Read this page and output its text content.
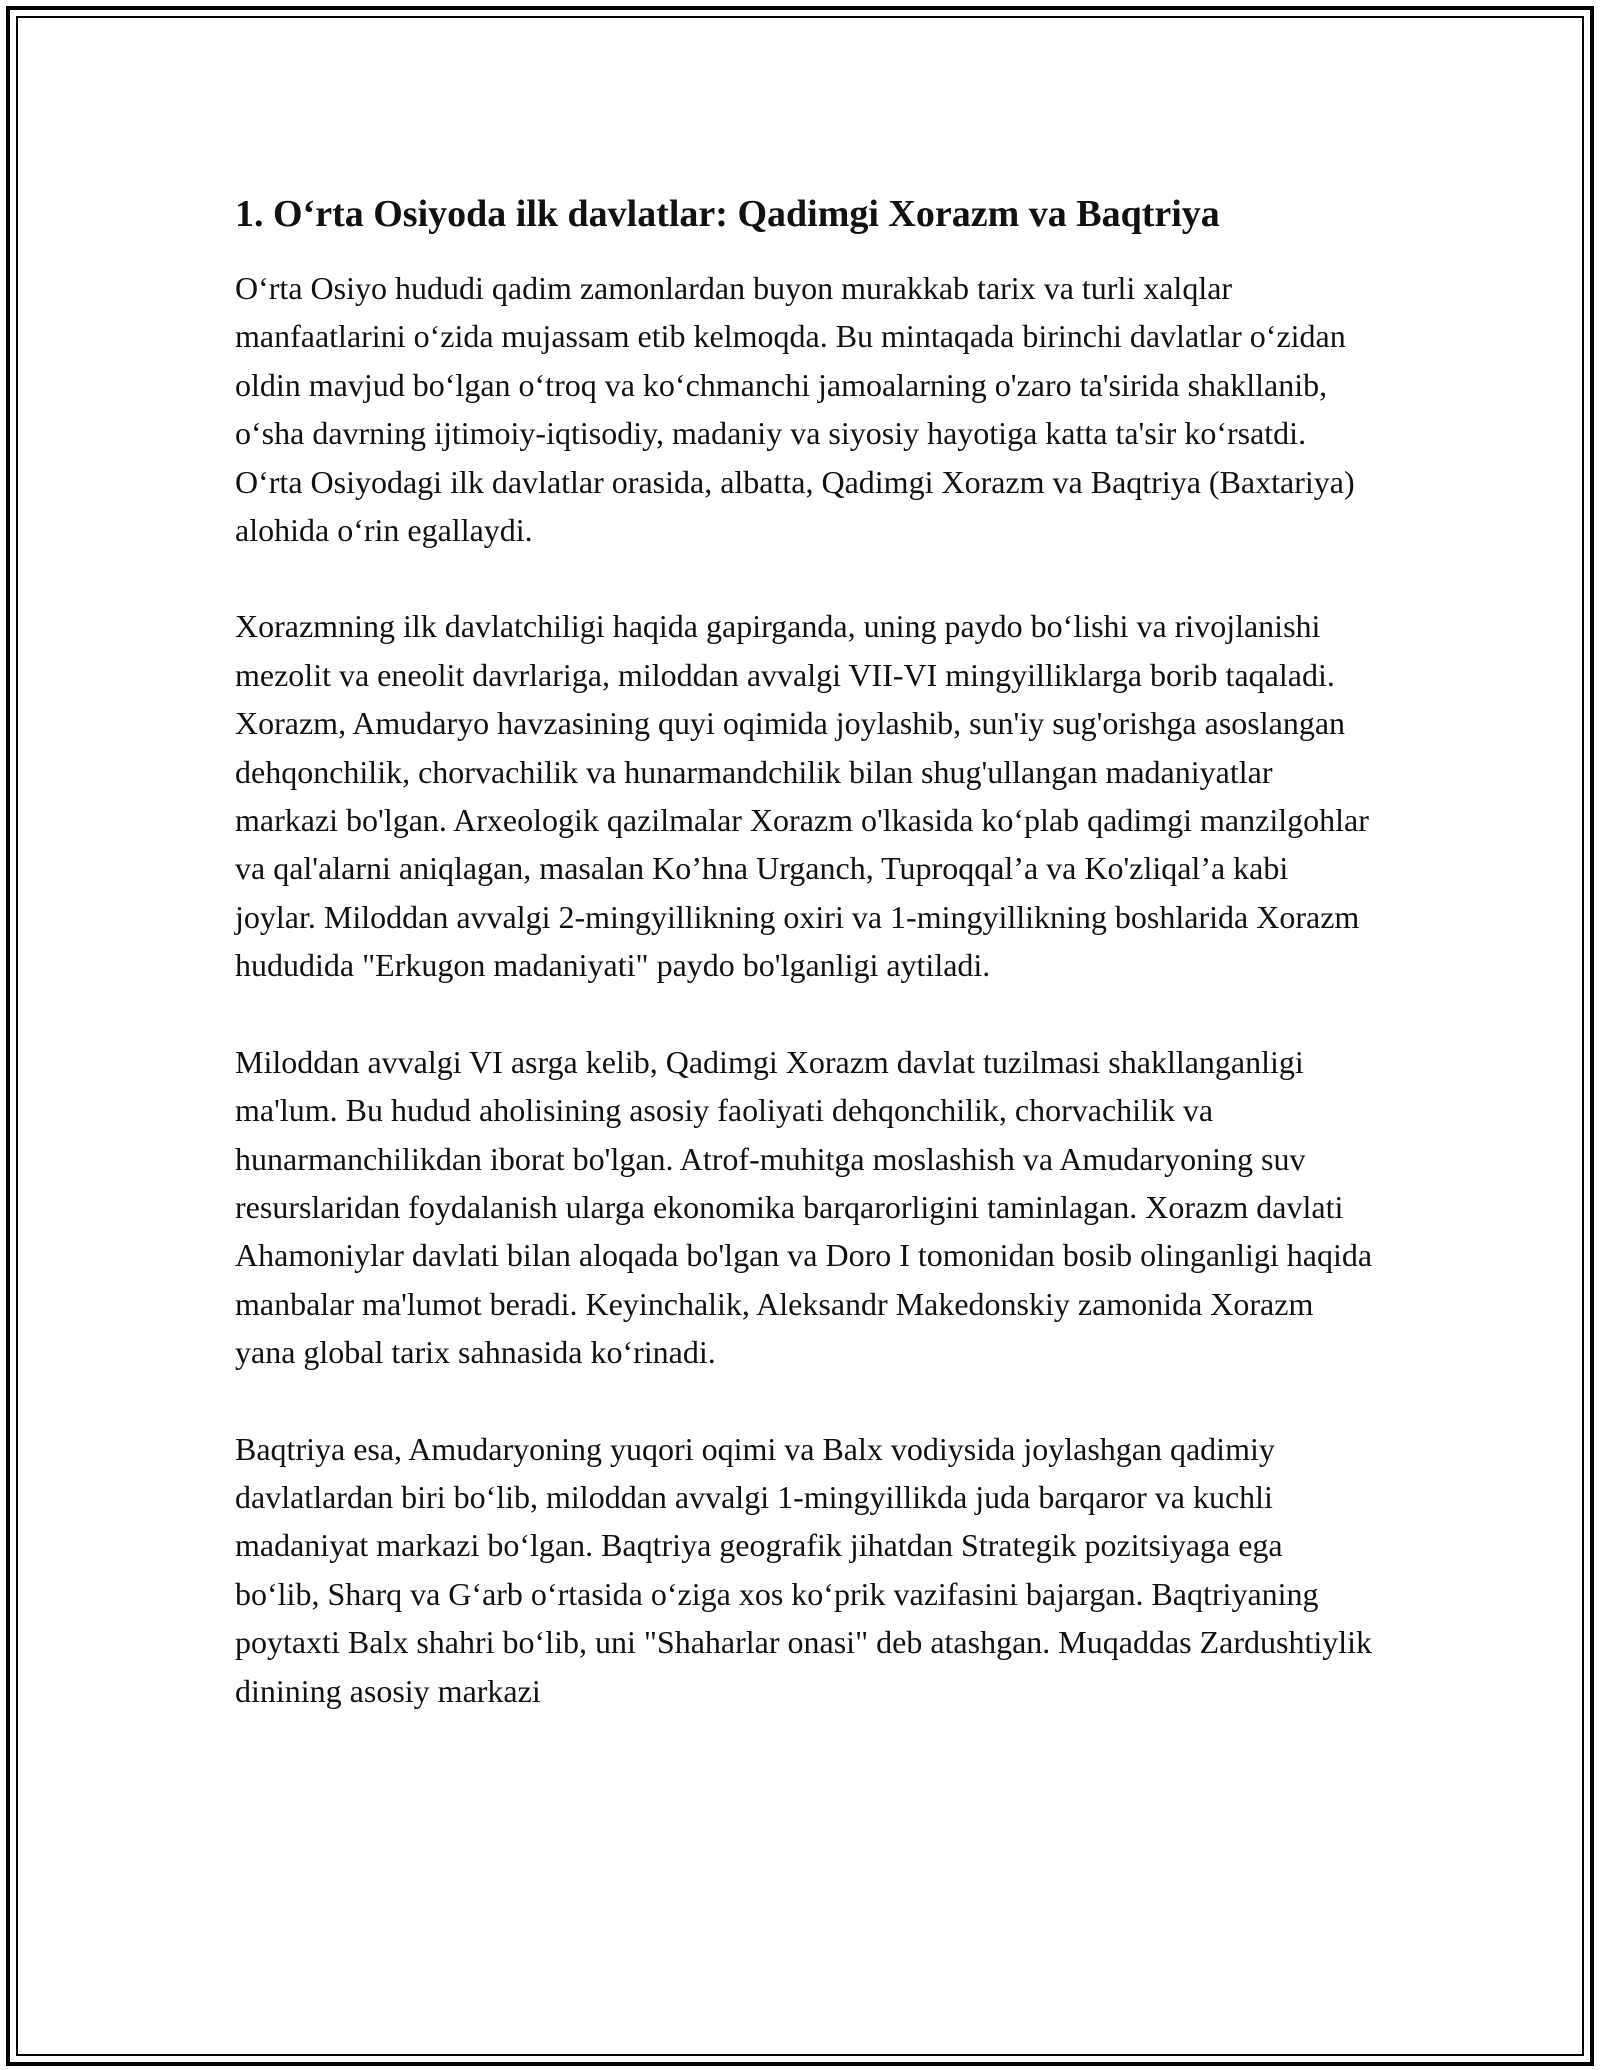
1. O‘rta Osiyoda ilk davlatlar: Qadimgi Xorazm va Baqtriya

O‘rta Osiyo hududi qadim zamonlardan buyon murakkab tarix va turli xalqlar manfaatlarini o‘zida mujassam etib kelmoqda. Bu mintaqada birinchi davlatlar o‘zidan oldin mavjud bo‘lgan o‘troq va ko‘chmanchi jamoalarning o'zaro ta'sirida shakllanib, o‘sha davrning ijtimoiy-iqtisodiy, madaniy va siyosiy hayotiga katta ta'sir ko‘rsatdi. O‘rta Osiyodagi ilk davlatlar orasida, albatta, Qadimgi Xorazm va Baqtriya (Baxtariya) alohida o‘rin egallaydi.

Xorazmning ilk davlatchiligi haqida gapirganda, uning paydo bo‘lishi va rivojlanishi mezolit va eneolit davrlariga, miloddan avvalgi VII-VI mingyilliklarga borib taqaladi. Xorazm, Amudaryo havzasining quyi oqimida joylashib, sun'iy sug'orishga asoslangan dehqonchilik, chorvachilik va hunarmandchilik bilan shug'ullangan madaniyatlar markazi bo'lgan. Arxeologik qazilmalar Xorazm o'lkasida ko‘plab qadimgi manzilgohlar va qal'alarni aniqlagan, masalan Ko’hna Urganch, Tuproqqal’a va Ko'zliqal’a kabi joylar. Miloddan avvalgi 2-mingyillikning oxiri va 1-mingyillikning boshlarida Xorazm hududida "Erkugon madaniyati" paydo bo'lganligi aytiladi.

Miloddan avvalgi VI asrga kelib, Qadimgi Xorazm davlat tuzilmasi shakllanganligi ma'lum. Bu hudud aholisining asosiy faoliyati dehqonchilik, chorvachilik va hunarmanchilikdan iborat bo'lgan. Atrof-muhitga moslashish va Amudaryoning suv resurslaridan foydalanish ularga ekonomika barqarorligini taminlagan. Xorazm davlati Ahamoniylar davlati bilan aloqada bo'lgan va Doro I tomonidan bosib olinganligi haqida manbalar ma'lumot beradi. Keyinchalik, Aleksandr Makedonskiy zamonida Xorazm yana global tarix sahnasida ko‘rinadi.

Baqtriya esa, Amudaryoning yuqori oqimi va Balx vodiysida joylashgan qadimiy davlatlardan biri bo‘lib, miloddan avvalgi 1-mingyillikda juda barqaror va kuchli madaniyat markazi bo‘lgan. Baqtriya geografik jihatdan Strategik pozitsiyaga ega bo‘lib, Sharq va G‘arb o‘rtasida o‘ziga xos ko‘prik vazifasini bajargan. Baqtriyaning poytaxti Balx shahri bo‘lib, uni "Shaharlar onasi" deb atashgan. Muqaddas Zardushtiylik dinining asosiy markazi
